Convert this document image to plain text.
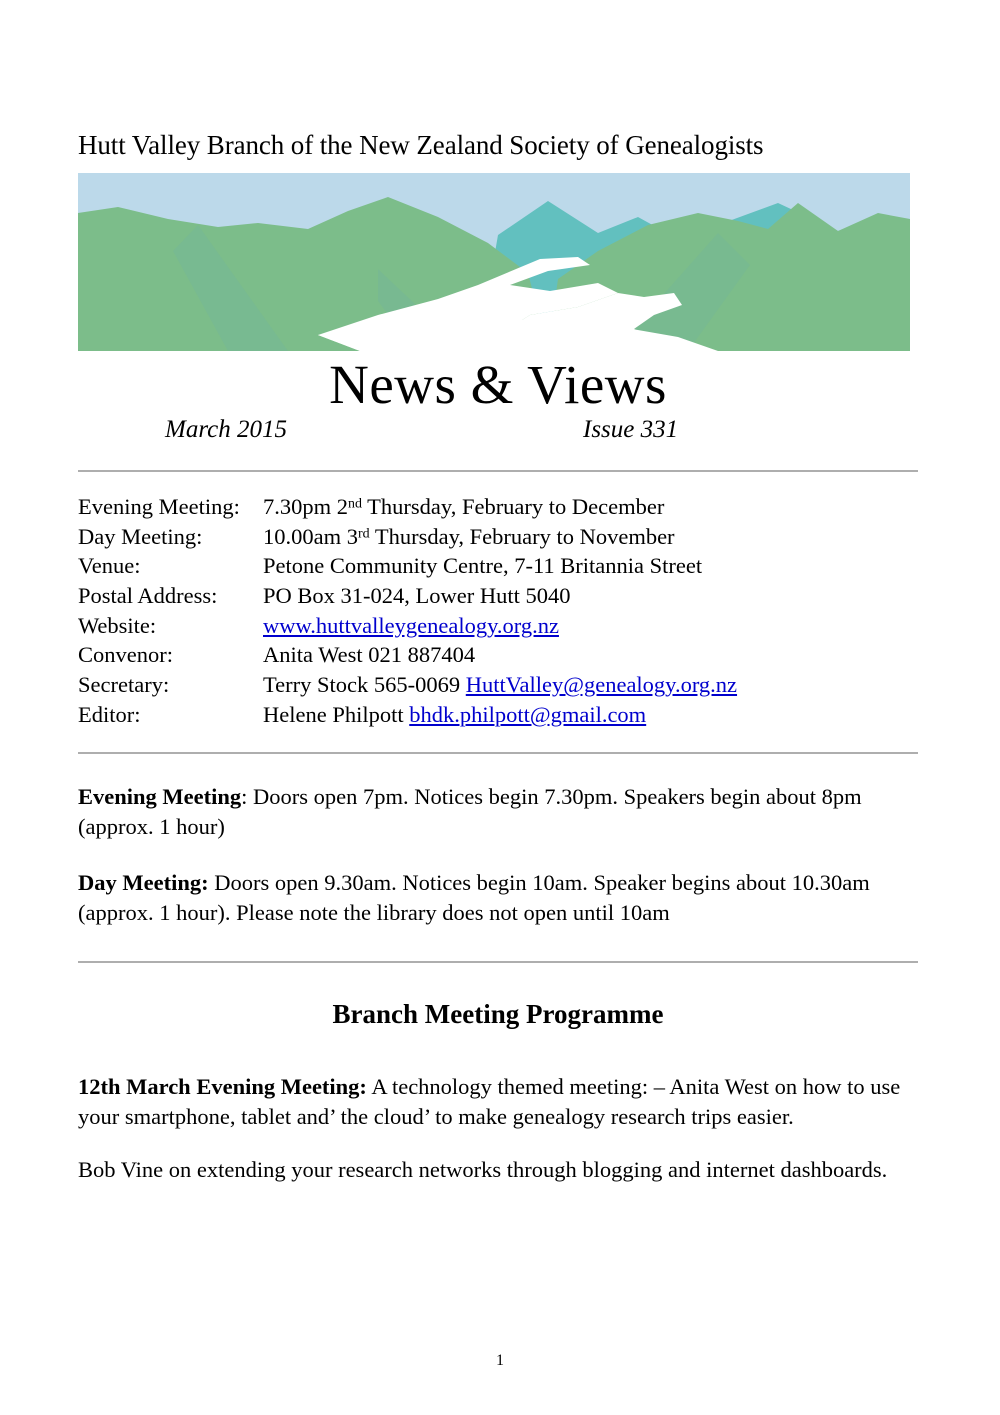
Hutt Valley Branch of the New Zealand Society of Genealogists
News & Views
March 2015	Issue 331
Evening Meeting:	7.30pm 2nd Thursday, February to December
Day Meeting:	10.00am 3rd Thursday, February to November
Venue:	Petone Community Centre, 7-11 Britannia Street
Postal Address:	PO Box 31-024, Lower Hutt 5040
Website:	www.huttvalleygenealogy.org.nz
Convenor:	Anita West 021 887404
Secretary:	Terry Stock 565-0069 HuttValley@genealogy.org.nz
Editor:	Helene Philpott bhdk.philpott@gmail.com

Evening Meeting: Doors open 7pm. Notices begin 7.30pm. Speakers begin about 8pm (approx. 1 hour)

Day Meeting: Doors open 9.30am. Notices begin 10am. Speaker begins about 10.30am (approx. 1 hour). Please note the library does not open until 10am

Branch Meeting Programme

12th March Evening Meeting: A technology themed meeting: – Anita West on how to use your smartphone, tablet and’ the cloud’ to make genealogy research trips easier.

Bob Vine on extending your research networks through blogging and internet dashboards.

1
